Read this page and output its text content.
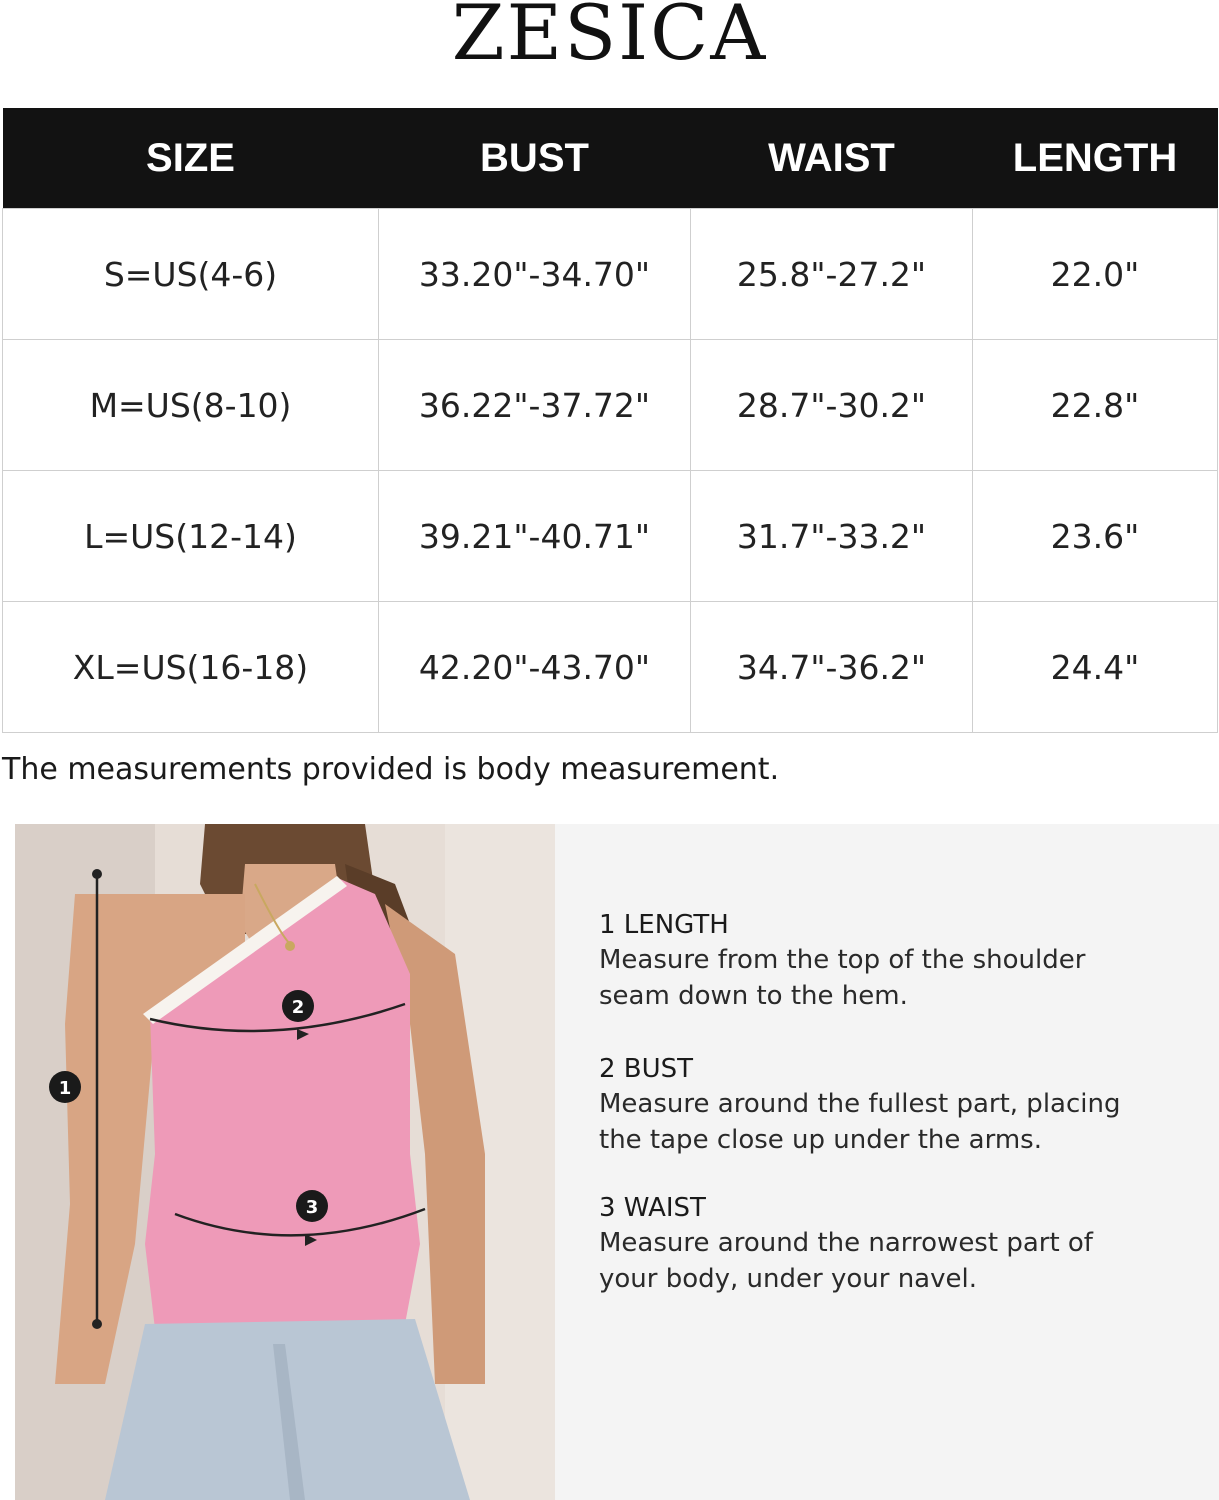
ZESICA
SIZE	BUST	WAIST	LENGTH
S=US(4-6)	33.20"-34.70"	25.8"-27.2"	22.0"
M=US(8-10)	36.22"-37.72"	28.7"-30.2"	22.8"
L=US(12-14)	39.21"-40.71"	31.7"-33.2"	23.6"
XL=US(16-18)	42.20"-43.70"	34.7"-36.2"	24.4"
The measurements provided is body measurement.
1
2
3
1 LENGTH
Measure from the top of the shoulder
seam down to the hem.
2 BUST
Measure around the fullest part, placing
the tape close up under the arms.
3 WAIST
Measure around the narrowest part of
your body, under your navel.
